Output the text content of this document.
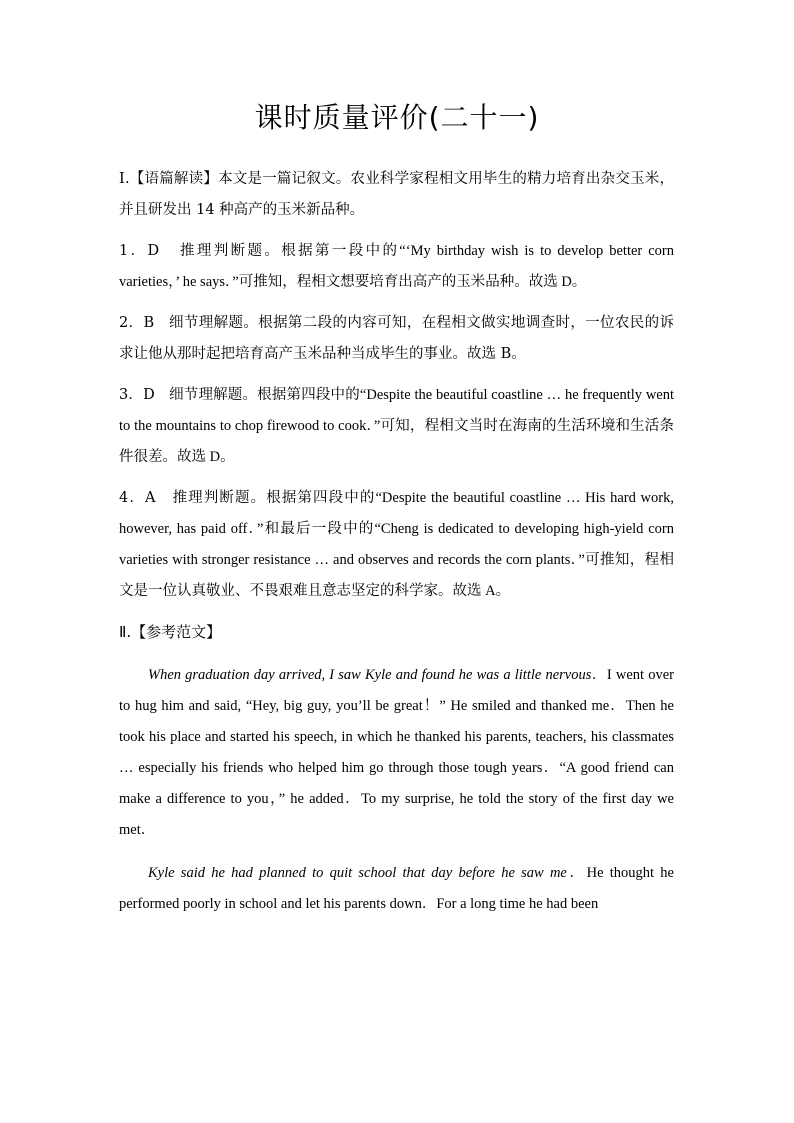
课时质量评价(二十一)

Ⅰ.【语篇解读】本文是一篇记叙文。农业科学家程相文用毕生的精力培育出杂交玉米，并且研发出 14 种高产的玉米新品种。

1．D 推理判断题。根据第一段中的“‘My birthday wish is to develop better corn varieties，’ he says．”可推知，程相文想要培育出高产的玉米品种。故选 D。

2．B 细节理解题。根据第二段的内容可知，在程相文做实地调查时，一位农民的诉求让他从那时起把培育高产玉米品种当成毕生的事业。故选 B。

3．D 细节理解题。根据第四段中的“Despite the beautiful coastline … he frequently went to the mountains to chop firewood to cook．”可知，程相文当时在海南的生活环境和生活条件很差。故选 D。

4．A 推理判断题。根据第四段中的“Despite the beautiful coastline … His hard work, however, has paid off．”和最后一段中的“Cheng is dedicated to developing high-yield corn varieties with stronger resistance … and observes and records the corn plants．”可推知，程相文是一位认真敬业、不畏艰难且意志坚定的科学家。故选 A。

Ⅱ.【参考范文】

When graduation day arrived, I saw Kyle and found he was a little nervous．I went over to hug him and said, “Hey, big guy, you’ll be great！” He smiled and thanked me．Then he took his place and started his speech, in which he thanked his parents, teachers, his classmates … especially his friends who helped him go through those tough years．“A good friend can make a difference to you，” he added．To my surprise, he told the story of the first day we met．

Kyle said he had planned to quit school that day before he saw me．He thought he performed poorly in school and let his parents down．For a long time he had been
